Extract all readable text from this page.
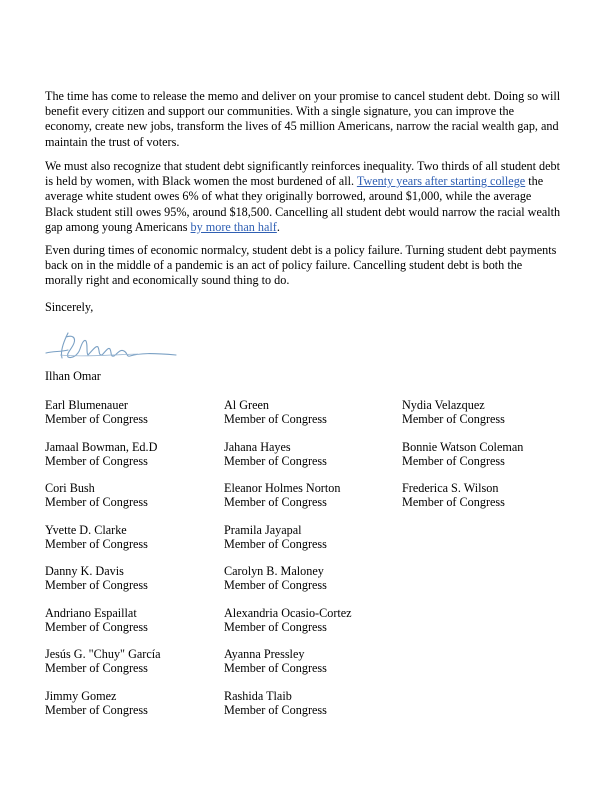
The time has come to release the memo and deliver on your promise to cancel student debt. Doing so will benefit every citizen and support our communities. With a single signature, you can improve the economy, create new jobs, transform the lives of 45 million Americans, narrow the racial wealth gap, and maintain the trust of voters.

We must also recognize that student debt significantly reinforces inequality. Two thirds of all student debt is held by women, with Black women the most burdened of all. Twenty years after starting college the average white student owes 6% of what they originally borrowed, around $1,000, while the average Black student still owes 95%, around $18,500. Cancelling all student debt would narrow the racial wealth gap among young Americans by more than half.

Even during times of economic normalcy, student debt is a policy failure. Turning student debt payments back on in the middle of a pandemic is an act of policy failure. Cancelling student debt is both the morally right and economically sound thing to do.

Sincerely,
Ilhan Omar
Earl Blumenauer
Member of Congress
Jamaal Bowman, Ed.D
Member of Congress
Cori Bush
Member of Congress
Yvette D. Clarke
Member of Congress
Danny K. Davis
Member of Congress
Andriano Espaillat
Member of Congress
Jesús G. "Chuy" García
Member of Congress
Jimmy Gomez
Member of Congress
Al Green
Member of Congress
Jahana Hayes
Member of Congress
Eleanor Holmes Norton
Member of Congress
Pramila Jayapal
Member of Congress
Carolyn B. Maloney
Member of Congress
Alexandria Ocasio-Cortez
Member of Congress
Ayanna Pressley
Member of Congress
Rashida Tlaib
Member of Congress
Nydia Velazquez
Member of Congress
Bonnie Watson Coleman
Member of Congress
Frederica S. Wilson
Member of Congress
